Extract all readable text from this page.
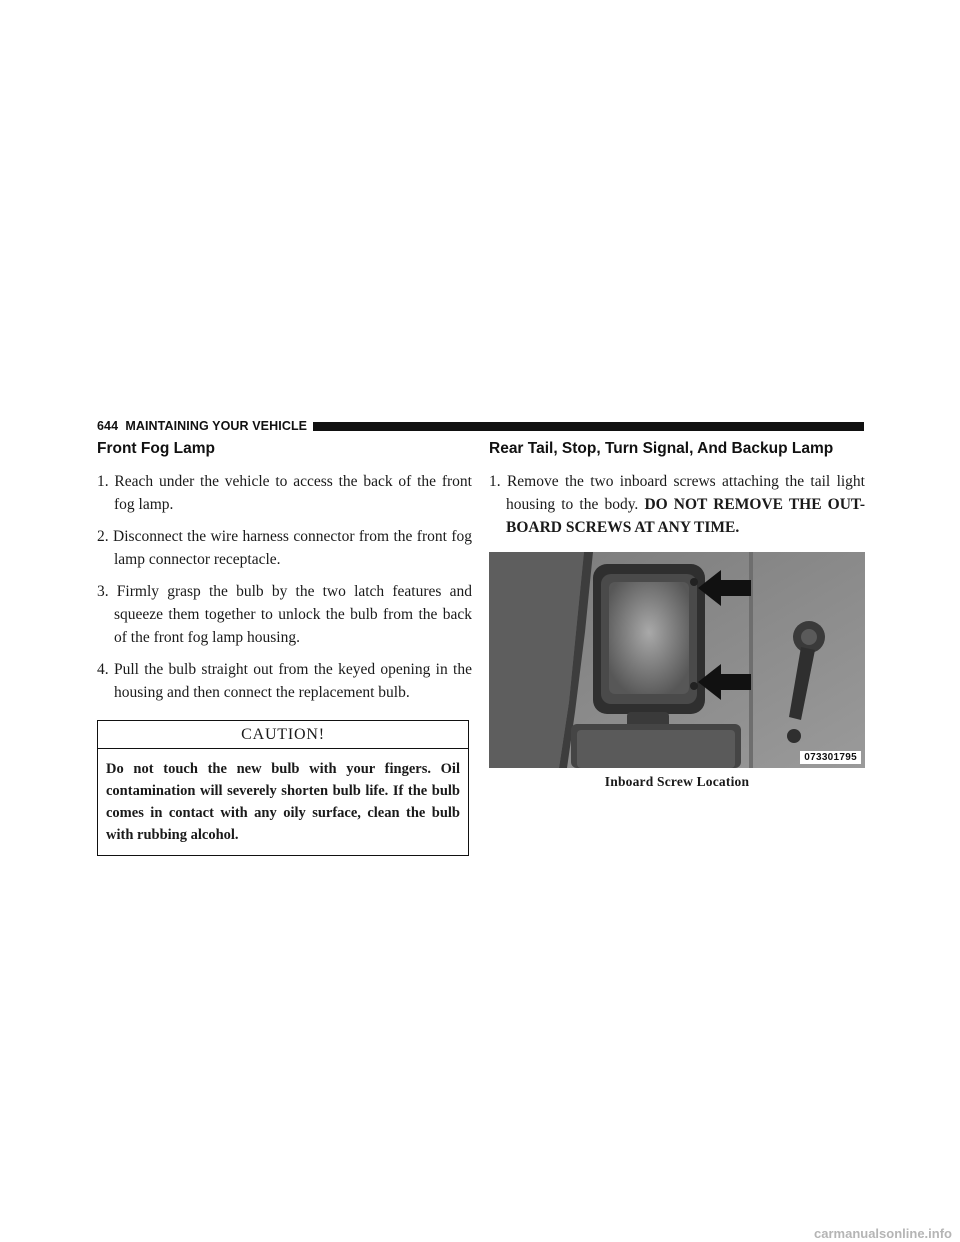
644 MAINTAINING YOUR VEHICLE
Front Fog Lamp
1. Reach under the vehicle to access the back of the front fog lamp.
2. Disconnect the wire harness connector from the front fog lamp connector receptacle.
3. Firmly grasp the bulb by the two latch features and squeeze them together to unlock the bulb from the back of the front fog lamp housing.
4. Pull the bulb straight out from the keyed opening in the housing and then connect the replacement bulb.
CAUTION!
Do not touch the new bulb with your fingers. Oil contamination will severely shorten bulb life. If the bulb comes in contact with any oily surface, clean the bulb with rubbing alcohol.
Rear Tail, Stop, Turn Signal, And Backup Lamp
1. Remove the two inboard screws attaching the tail light housing to the body. DO NOT REMOVE THE OUT-BOARD SCREWS AT ANY TIME.
073301795
Inboard Screw Location
carmanualsonline.info
